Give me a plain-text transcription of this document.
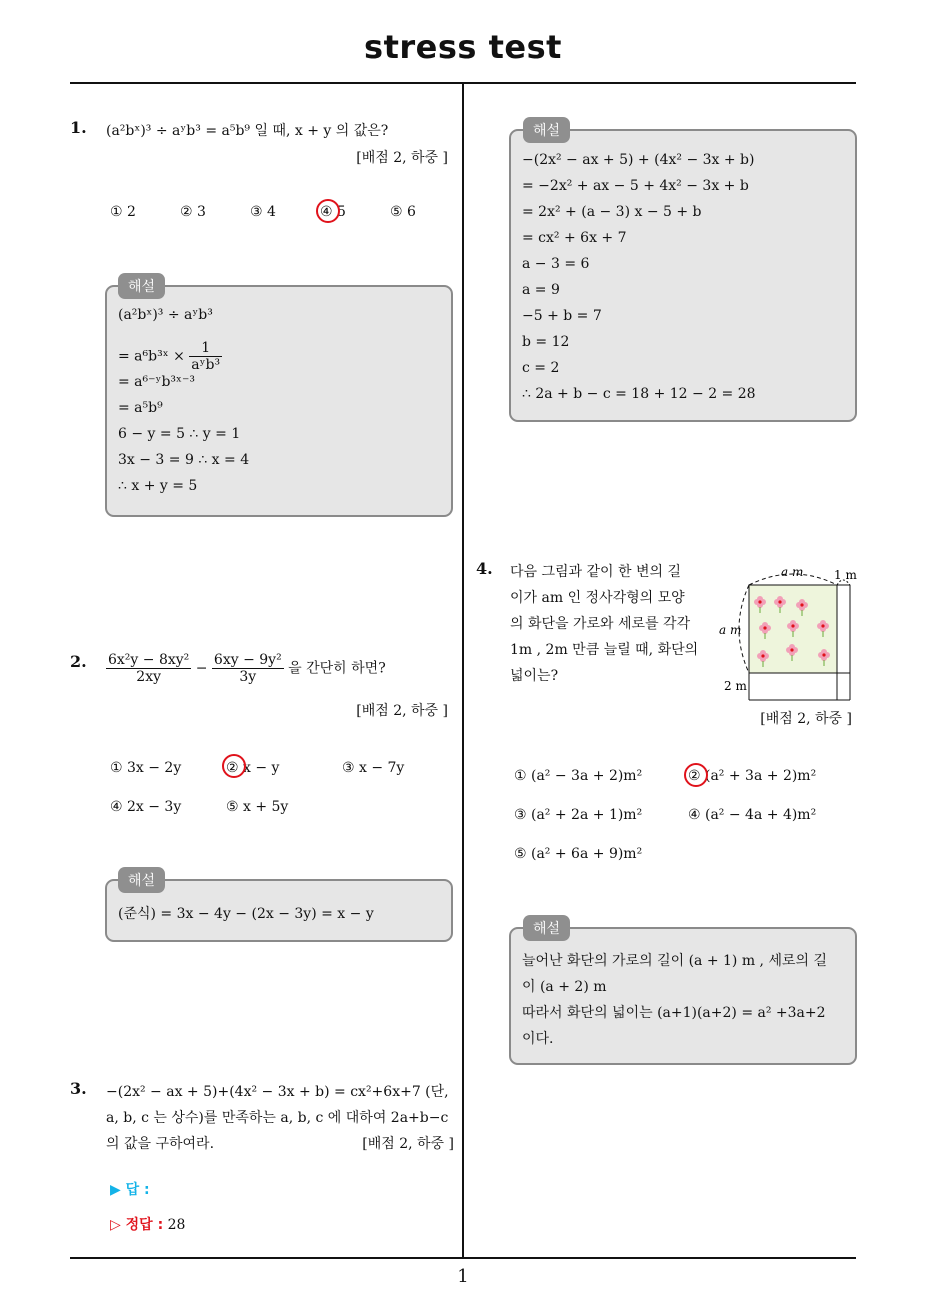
stress test
1
1. (a²bˣ)³ ÷ aʸb³ = a⁵b⁹ 일 때, x + y 의 값은?
[배점 2, 하중 ]
① 2	② 3	③ 4	④ 5	⑤ 6
해설
(a²bˣ)³ ÷ aʸb³
= a⁶b³ˣ × $\frac{1}{\text{aʸb³}}$
= a⁶⁻ʸb³ˣ⁻³
= a⁵b⁹
6 − y = 5 ∴ y = 1
3x − 3 = 9 ∴ x = 4
∴ x + y = 5
2. $\frac{\text{6x²y − 8xy²}}{2xy} - \frac{\text{6xy − 9y²}}{3y}$ 을 간단히 하면?
[배점 2, 하중 ]
① 3x − 2y	② x − y	③ x − 7y
④ 2x − 3y	⑤ x + 5y
해설
(준식) = 3x − 4y − (2x − 3y) = x − y
3. −(2x² − ax + 5)+(4x² − 3x + b) = cx²+6x+7 (단,
a, b, c 는 상수)를 만족하는 a, b, c 에 대하여 2a+b−c
의 값을 구하여라.	[배점 2, 하중 ]
▶ 답 :
▷ 정답 : 28
해설
−(2x² − ax + 5) + (4x² − 3x + b)
= −2x² + ax − 5 + 4x² − 3x + b
= 2x² + (a − 3) x − 5 + b
= cx² + 6x + 7
a − 3 = 6
a = 9
−5 + b = 7
b = 12
c = 2
∴ 2a + b − c = 18 + 12 − 2 = 28
4. 다음 그림과 같이 한 변의 길
이가 am 인 정사각형의 모양
의 화단을 가로와 세로를 각각
1m , 2m 만큼 늘릴 때, 화단의
넓이는?
a m	1 m
a m
2 m
[배점 2, 하중 ]
① (a² − 3a + 2)m²	② (a² + 3a + 2)m²
③ (a² + 2a + 1)m²	④ (a² − 4a + 4)m²
⑤ (a² + 6a + 9)m²
해설
늘어난 화단의 가로의 길이 (a + 1) m , 세로의 길
이 (a + 2) m
따라서 화단의 넓이는 (a+1)(a+2) = a² +3a+2
이다.
